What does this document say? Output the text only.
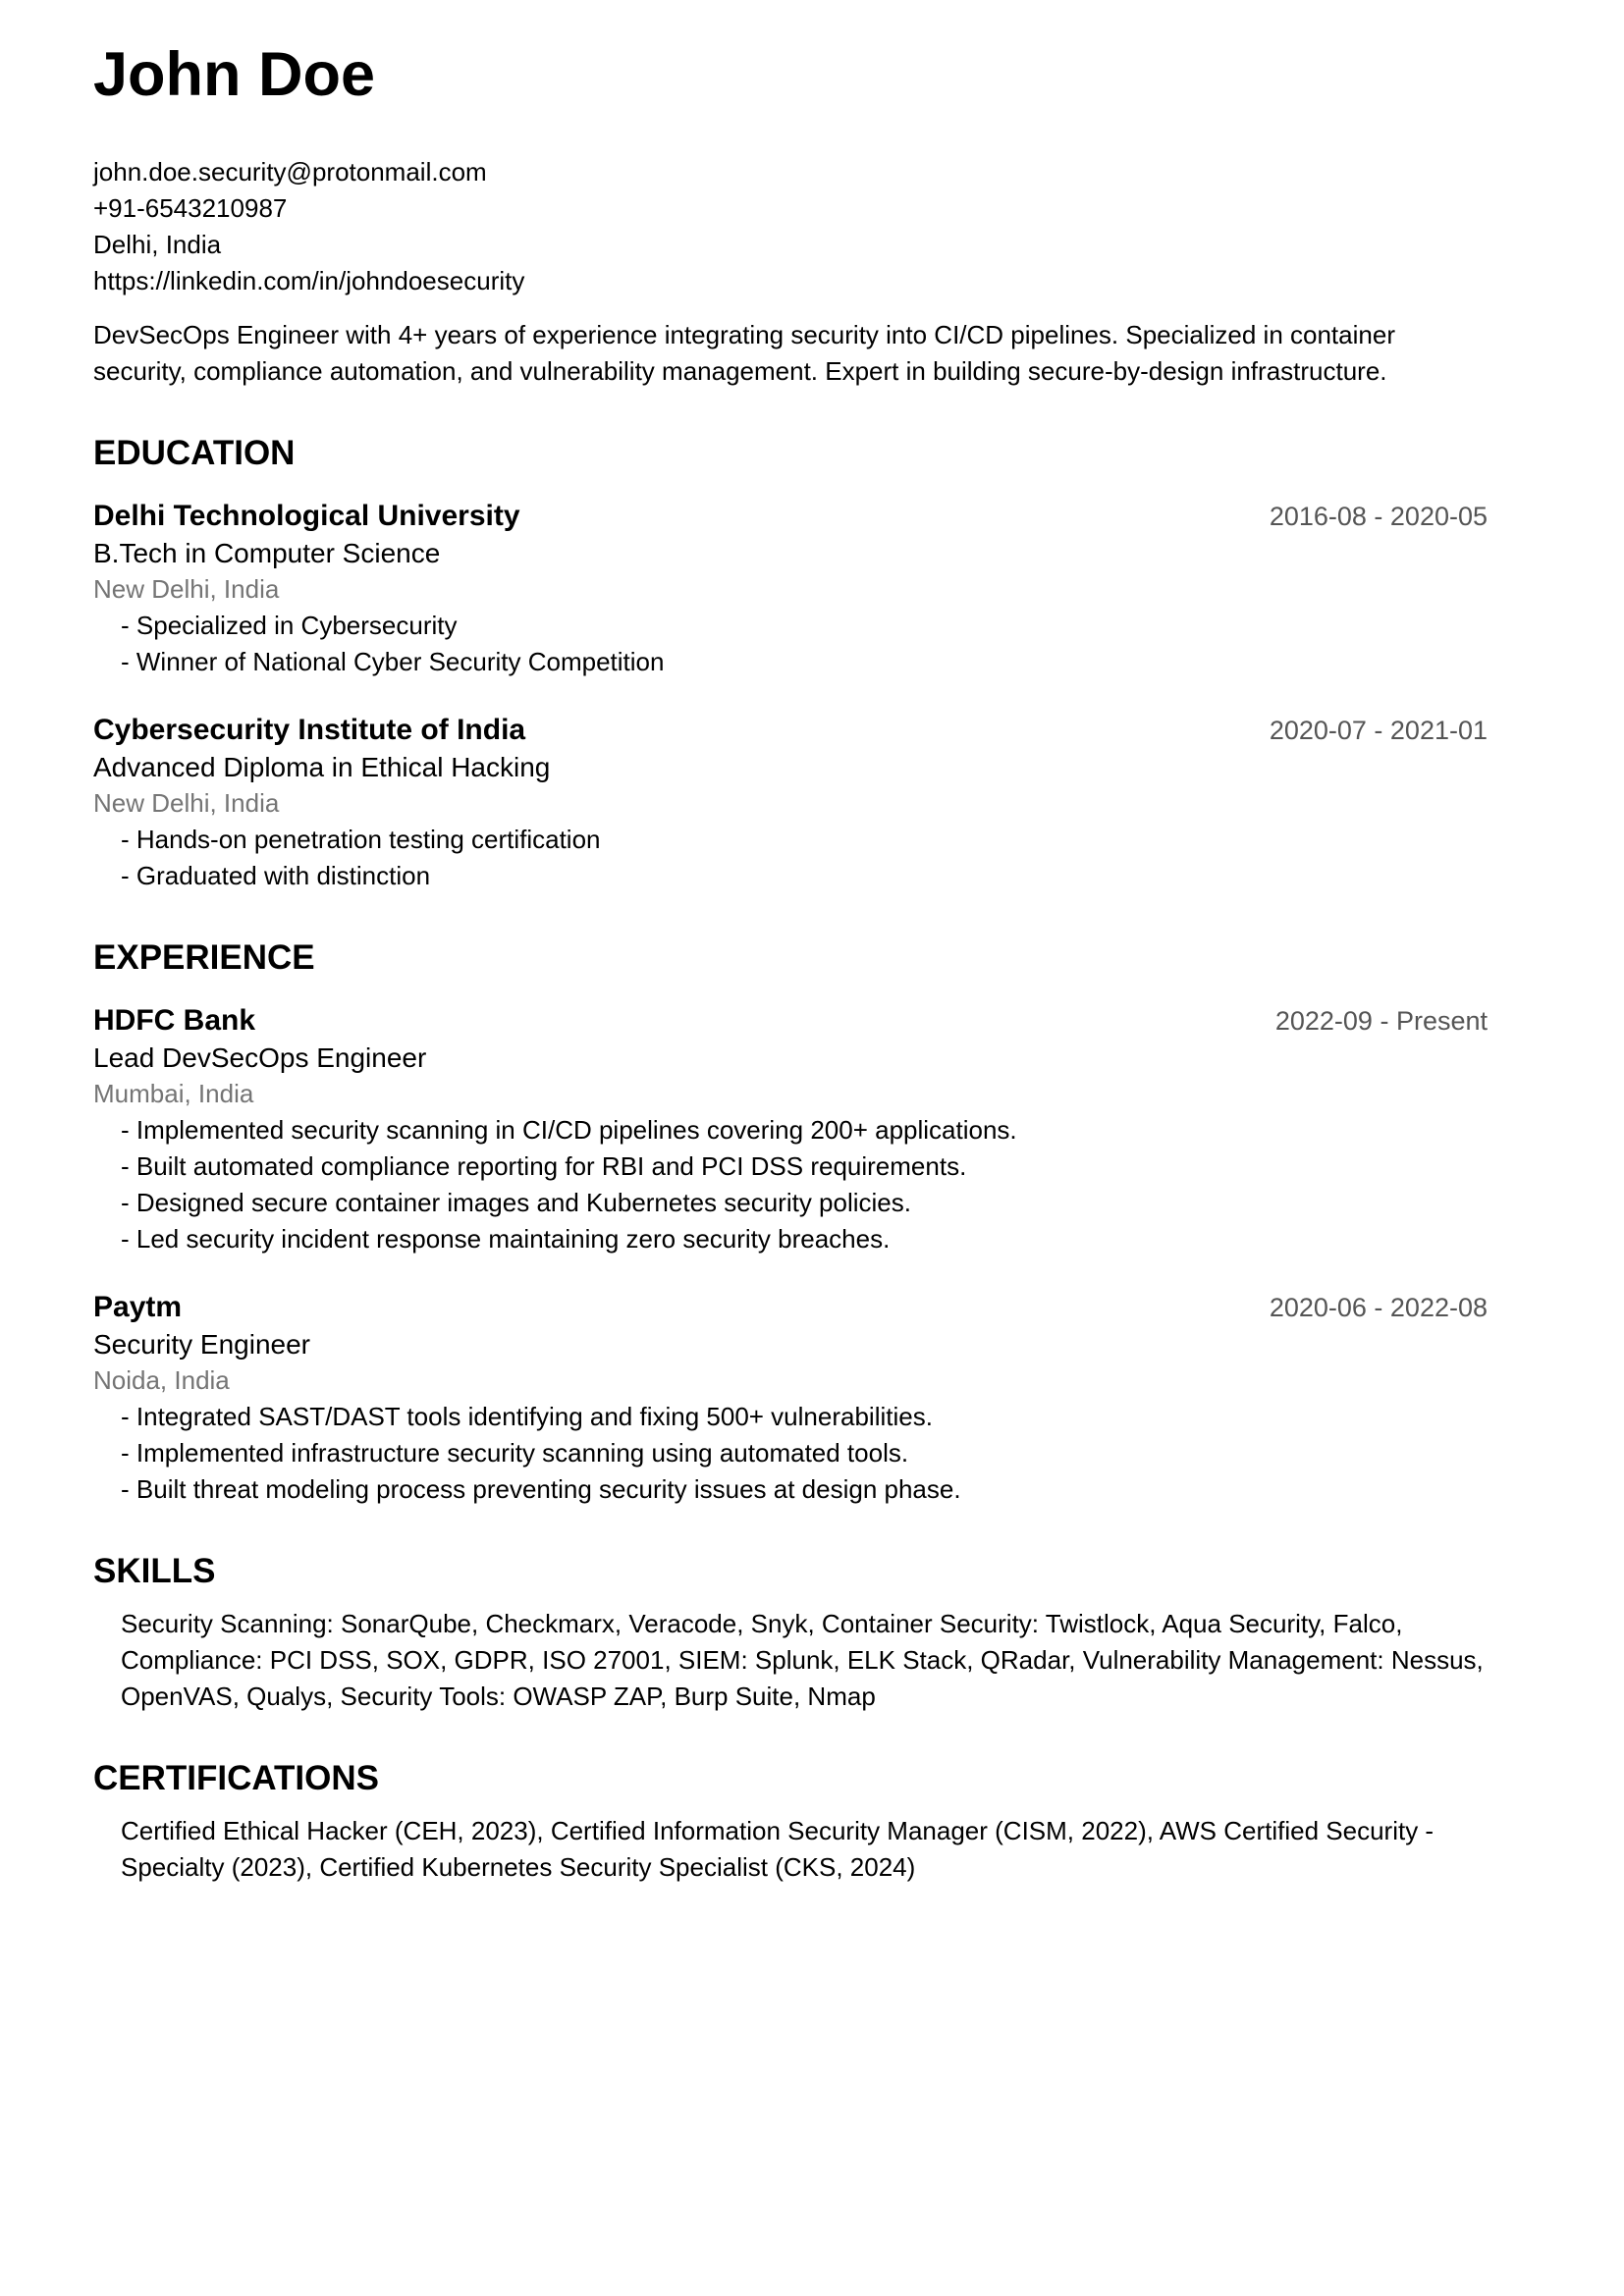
John Doe
john.doe.security@protonmail.com
+91-6543210987
Delhi, India
https://linkedin.com/in/johndoesecurity

DevSecOps Engineer with 4+ years of experience integrating security into CI/CD pipelines. Specialized in container security, compliance automation, and vulnerability management. Expert in building secure-by-design infrastructure.

EDUCATION
Delhi Technological University	2016-08 - 2020-05
B.Tech in Computer Science
New Delhi, India
- Specialized in Cybersecurity
- Winner of National Cyber Security Competition
Cybersecurity Institute of India	2020-07 - 2021-01
Advanced Diploma in Ethical Hacking
New Delhi, India
- Hands-on penetration testing certification
- Graduated with distinction
EXPERIENCE
HDFC Bank	2022-09 - Present
Lead DevSecOps Engineer
Mumbai, India
- Implemented security scanning in CI/CD pipelines covering 200+ applications.
- Built automated compliance reporting for RBI and PCI DSS requirements.
- Designed secure container images and Kubernetes security policies.
- Led security incident response maintaining zero security breaches.
Paytm	2020-06 - 2022-08
Security Engineer
Noida, India
- Integrated SAST/DAST tools identifying and fixing 500+ vulnerabilities.
- Implemented infrastructure security scanning using automated tools.
- Built threat modeling process preventing security issues at design phase.
SKILLS

Security Scanning: SonarQube, Checkmarx, Veracode, Snyk, Container Security: Twistlock, Aqua Security, Falco, Compliance: PCI DSS, SOX, GDPR, ISO 27001, SIEM: Splunk, ELK Stack, QRadar, Vulnerability Management: Nessus, OpenVAS, Qualys, Security Tools: OWASP ZAP, Burp Suite, Nmap

CERTIFICATIONS

Certified Ethical Hacker (CEH, 2023), Certified Information Security Manager (CISM, 2022), AWS Certified Security - Specialty (2023), Certified Kubernetes Security Specialist (CKS, 2024)
